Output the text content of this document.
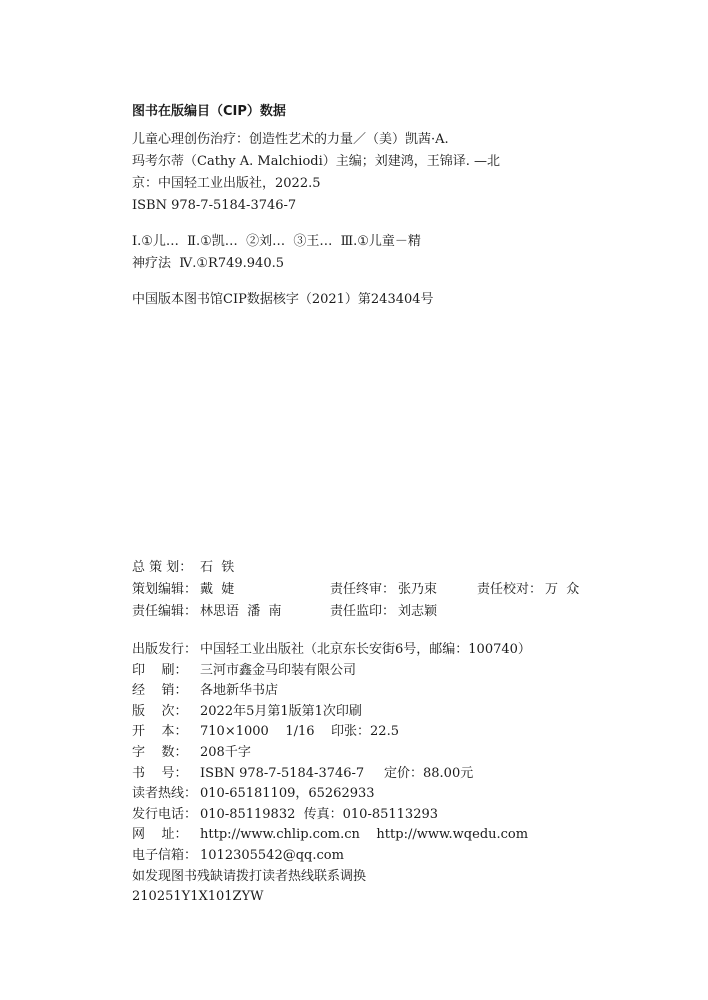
图书在版编目（CIP）数据
儿童心理创伤治疗：创造性艺术的力量／（美）凯茜·A.
玛考尔蒂（Cathy A. Malchiodi）主编；刘建鸿，王锦译. —北
京：中国轻工业出版社，2022.5
ISBN 978-7-5184-3746-7
Ⅰ.①儿…  Ⅱ.①凯…  ②刘…  ③王…  Ⅲ.①儿童－精
神疗法  Ⅳ.①R749.940.5
中国版本图书馆CIP数据核字（2021）第243404号
总 策 划： 石  铁
策划编辑： 戴  婕	责任终审： 张乃束	责任校对： 万  众
责任编辑： 林思语  潘  南	责任监印： 刘志颖
出版发行： 中国轻工业出版社（北京东长安街6号，邮编：100740）
印    刷： 三河市鑫金马印装有限公司
经    销： 各地新华书店
版    次： 2022年5月第1版第1次印刷
开    本： 710×1000    1/16    印张：22.5
字    数： 208千字
书    号： ISBN 978-7-5184-3746-7 定价：88.00元
读者热线： 010-65181109，65262933
发行电话： 010-85119832  传真：010-85113293
网    址： http://www.chlip.com.cn    http://www.wqedu.com
电子信箱： 1012305542@qq.com
如发现图书残缺请拨打读者热线联系调换
210251Y1X101ZYW
